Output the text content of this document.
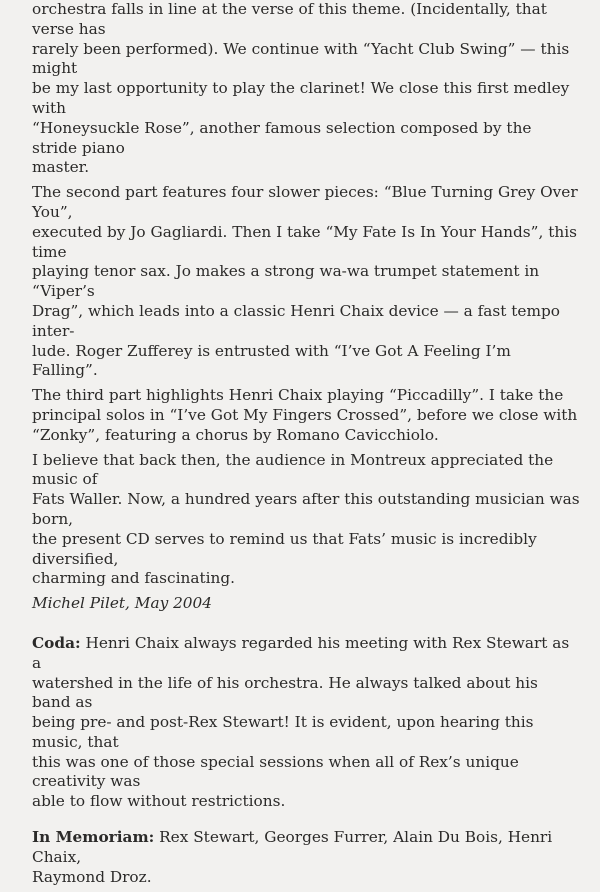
orchestra falls in line at the verse of this theme. (Incidentally, that verse has
rarely been performed). We continue with “Yacht Club Swing” — this might
be my last opportunity to play the clarinet! We close this first medley with
“Honeysuckle Rose”, another famous selection composed by the stride piano
master.

The second part features four slower pieces: “Blue Turning Grey Over You”,
executed by Jo Gagliardi. Then I take “My Fate Is In Your Hands”, this time
playing tenor sax. Jo makes a strong wa-wa trumpet statement in “Viper’s
Drag”, which leads into a classic Henri Chaix device — a fast tempo inter-
lude. Roger Zufferey is entrusted with “I’ve Got A Feeling I’m Falling”.

The third part highlights Henri Chaix playing “Piccadilly”. I take the
principal solos in “I’ve Got My Fingers Crossed”, before we close with
“Zonky”, featuring a chorus by Romano Cavicchiolo.

I believe that back then, the audience in Montreux appreciated the music of
Fats Waller. Now, a hundred years after this outstanding musician was born,
the present CD serves to remind us that Fats’ music is incredibly diversified,
charming and fascinating.

Michel Pilet, May 2004

Coda: Henri Chaix always regarded his meeting with Rex Stewart as a
watershed in the life of his orchestra. He always talked about his band as
being pre- and post-Rex Stewart! It is evident, upon hearing this music, that
this was one of those special sessions when all of Rex’s unique creativity was
able to flow without restrictions.

In Memoriam: Rex Stewart, Georges Furrer, Alain Du Bois, Henri Chaix,
Raymond Droz.
